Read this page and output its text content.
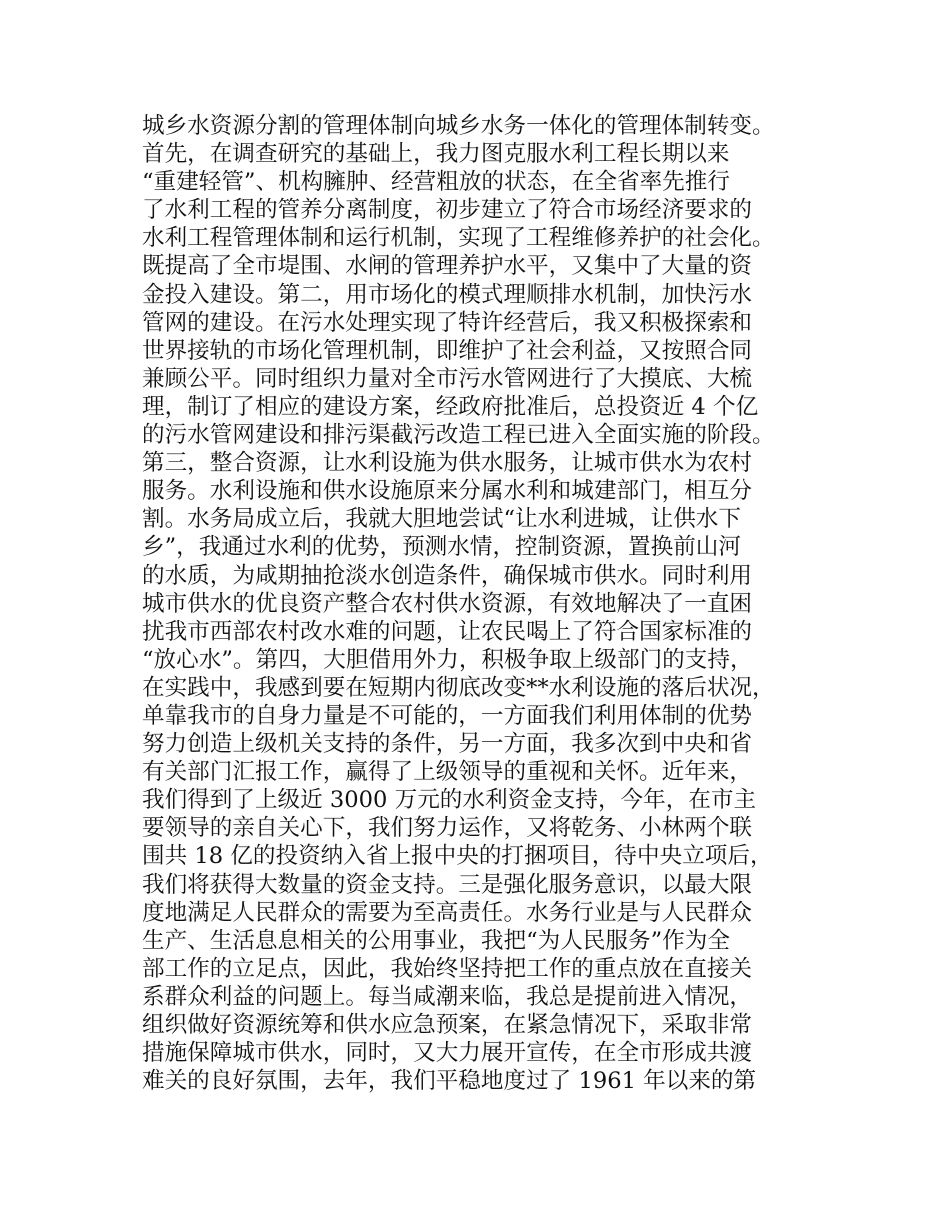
城乡水资源分割的管理体制向城乡水务一体化的管理体制转变。
首先，在调查研究的基础上，我力图克服水利工程长期以来
“重建轻管”、机构臃肿、经营粗放的状态，在全省率先推行
了水利工程的管养分离制度，初步建立了符合市场经济要求的
水利工程管理体制和运行机制，实现了工程维修养护的社会化。
既提高了全市堤围、水闸的管理养护水平，又集中了大量的资
金投入建设。第二，用市场化的模式理顺排水机制，加快污水
管网的建设。在污水处理实现了特许经营后，我又积极探索和
世界接轨的市场化管理机制，即维护了社会利益，又按照合同
兼顾公平。同时组织力量对全市污水管网进行了大摸底、大梳
理，制订了相应的建设方案，经政府批准后，总投资近 4 个亿
的污水管网建设和排污渠截污改造工程已进入全面实施的阶段。
第三，整合资源，让水利设施为供水服务，让城市供水为农村
服务。水利设施和供水设施原来分属水利和城建部门，相互分
割。水务局成立后，我就大胆地尝试“让水利进城，让供水下
乡”，我通过水利的优势，预测水情，控制资源，置换前山河
的水质，为咸期抽抢淡水创造条件，确保城市供水。同时利用
城市供水的优良资产整合农村供水资源，有效地解决了一直困
扰我市西部农村改水难的问题，让农民喝上了符合国家标准的
“放心水”。第四，大胆借用外力，积极争取上级部门的支持，
在实践中，我感到要在短期内彻底改变**水利设施的落后状况，
单靠我市的自身力量是不可能的，一方面我们利用体制的优势
努力创造上级机关支持的条件，另一方面，我多次到中央和省
有关部门汇报工作，赢得了上级领导的重视和关怀。近年来，
我们得到了上级近 3000 万元的水利资金支持，今年，在市主
要领导的亲自关心下，我们努力运作，又将乾务、小林两个联
围共 18 亿的投资纳入省上报中央的打捆项目，待中央立项后，
我们将获得大数量的资金支持。三是强化服务意识，以最大限
度地满足人民群众的需要为至高责任。水务行业是与人民群众
生产、生活息息相关的公用事业，我把“为人民服务”作为全
部工作的立足点，因此，我始终坚持把工作的重点放在直接关
系群众利益的问题上。每当咸潮来临，我总是提前进入情况，
组织做好资源统筹和供水应急预案，在紧急情况下，采取非常
措施保障城市供水，同时，又大力展开宣传，在全市形成共渡
难关的良好氛围，去年，我们平稳地度过了 1961 年以来的第
